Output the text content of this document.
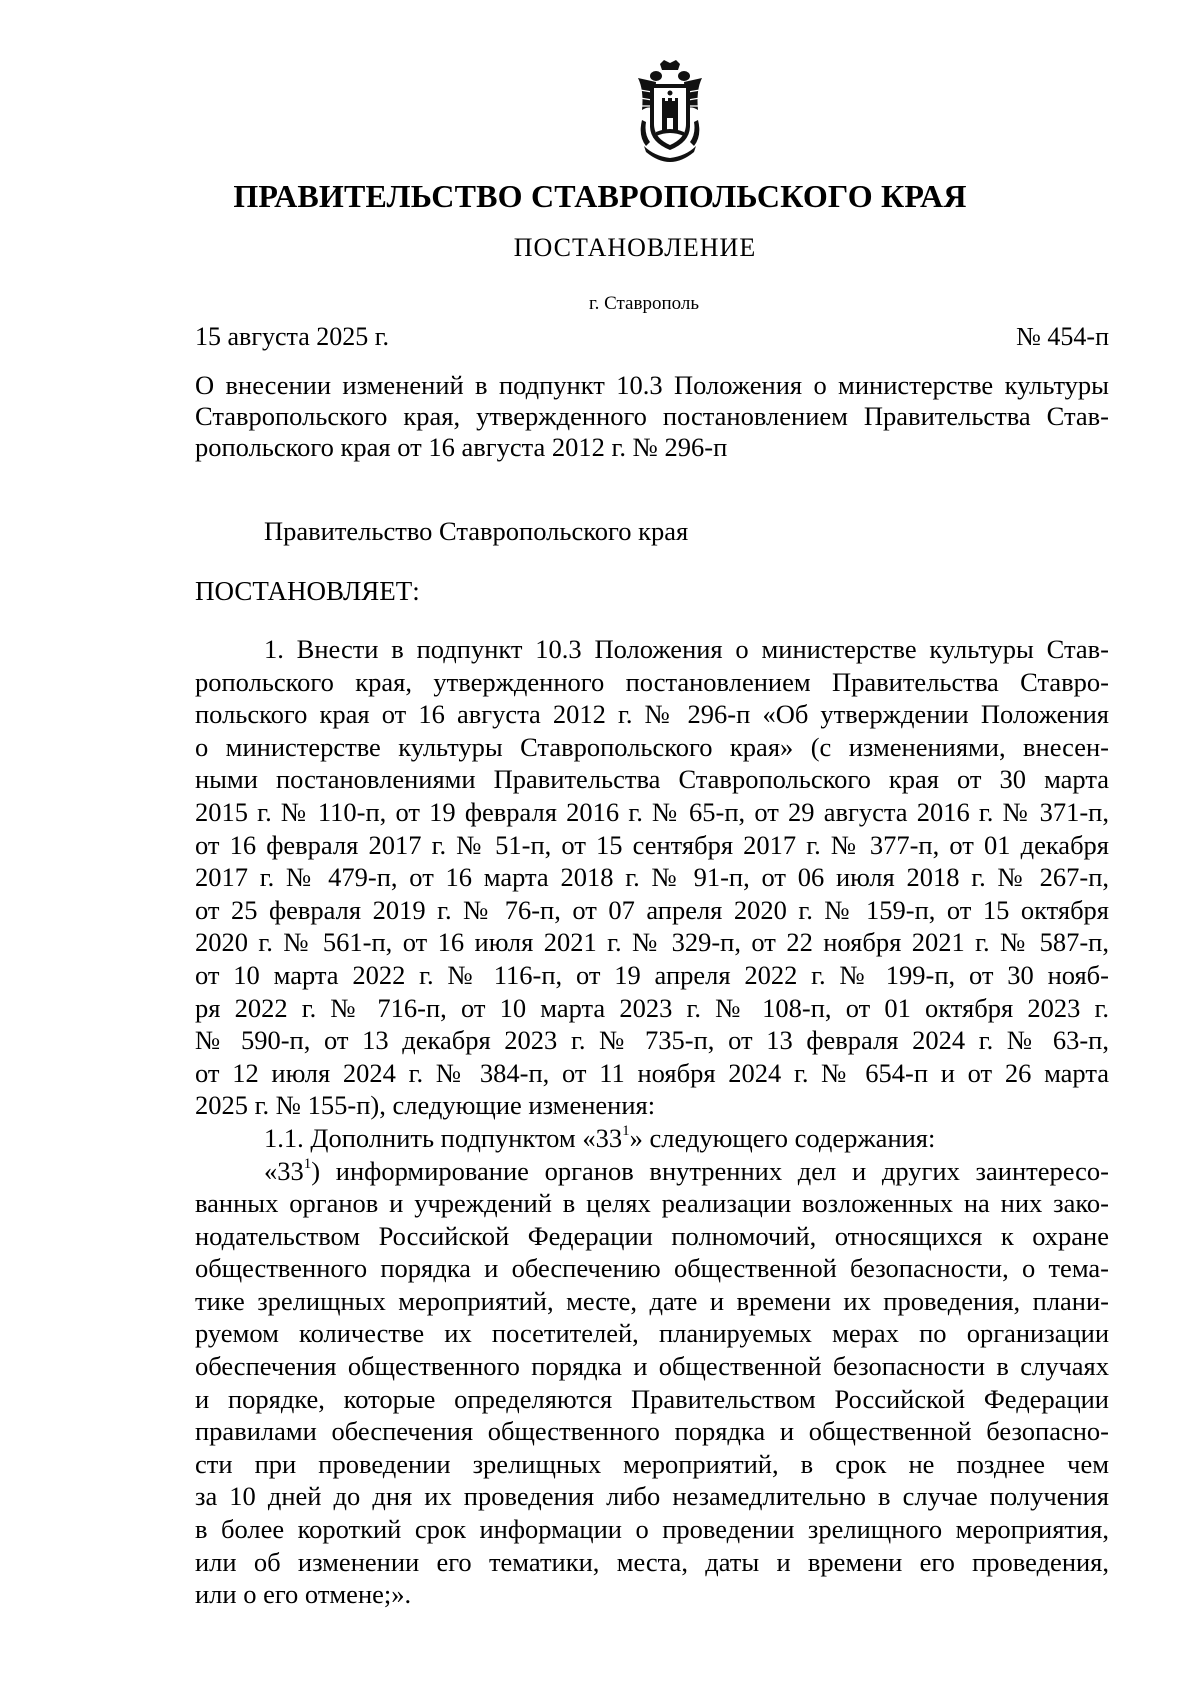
ПРАВИТЕЛЬСТВО СТАВРОПОЛЬСКОГО КРАЯ
ПОСТАНОВЛЕНИЕ
г. Ставрополь
15 августа 2025 г.	№ 454-п
О внесении изменений в подпункт 10.3 Положения о министерстве культуры
Ставропольского края, утвержденного постановлением Правительства Став-
ропольского края от 16 августа 2012 г. № 296-п
Правительство Ставропольского края
ПОСТАНОВЛЯЕТ:
1. Внести в подпункт 10.3 Положения о министерстве культуры Став-
ропольского края, утвержденного постановлением Правительства Ставро-
польского края от 16 августа 2012 г. № 296-п «Об утверждении Положения
о министерстве культуры Ставропольского края» (с изменениями, внесен-
ными постановлениями Правительства Ставропольского края от 30 марта
2015 г. № 110-п, от 19 февраля 2016 г. № 65-п, от 29 августа 2016 г. № 371-п,
от 16 февраля 2017 г. № 51-п, от 15 сентября 2017 г. № 377-п, от 01 декабря
2017 г. № 479-п, от 16 марта 2018 г. № 91-п, от 06 июля 2018 г. № 267-п,
от 25 февраля 2019 г. № 76-п, от 07 апреля 2020 г. № 159-п, от 15 октября
2020 г. № 561-п, от 16 июля 2021 г. № 329-п, от 22 ноября 2021 г. № 587-п,
от 10 марта 2022 г. № 116-п, от 19 апреля 2022 г. № 199-п, от 30 нояб-
ря 2022 г. № 716-п, от 10 марта 2023 г. № 108-п, от 01 октября 2023 г.
№ 590-п, от 13 декабря 2023 г. № 735-п, от 13 февраля 2024 г. № 63-п,
от 12 июля 2024 г. № 384-п, от 11 ноября 2024 г. № 654-п и от 26 марта
2025 г. № 155-п), следующие изменения:
1.1. Дополнить подпунктом «$33^1$» следующего содержания:
«$33^1$) информирование органов внутренних дел и других заинтересо-
ванных органов и учреждений в целях реализации возложенных на них зако-
нодательством Российской Федерации полномочий, относящихся к охране
общественного порядка и обеспечению общественной безопасности, о тема-
тике зрелищных мероприятий, месте, дате и времени их проведения, плани-
руемом количестве их посетителей, планируемых мерах по организации
обеспечения общественного порядка и общественной безопасности в случаях
и порядке, которые определяются Правительством Российской Федерации
правилами обеспечения общественного порядка и общественной безопасно-
сти при проведении зрелищных мероприятий, в срок не позднее чем
за 10 дней до дня их проведения либо незамедлительно в случае получения
в более короткий срок информации о проведении зрелищного мероприятия,
или об изменении его тематики, места, даты и времени его проведения,
или о его отмене;».
